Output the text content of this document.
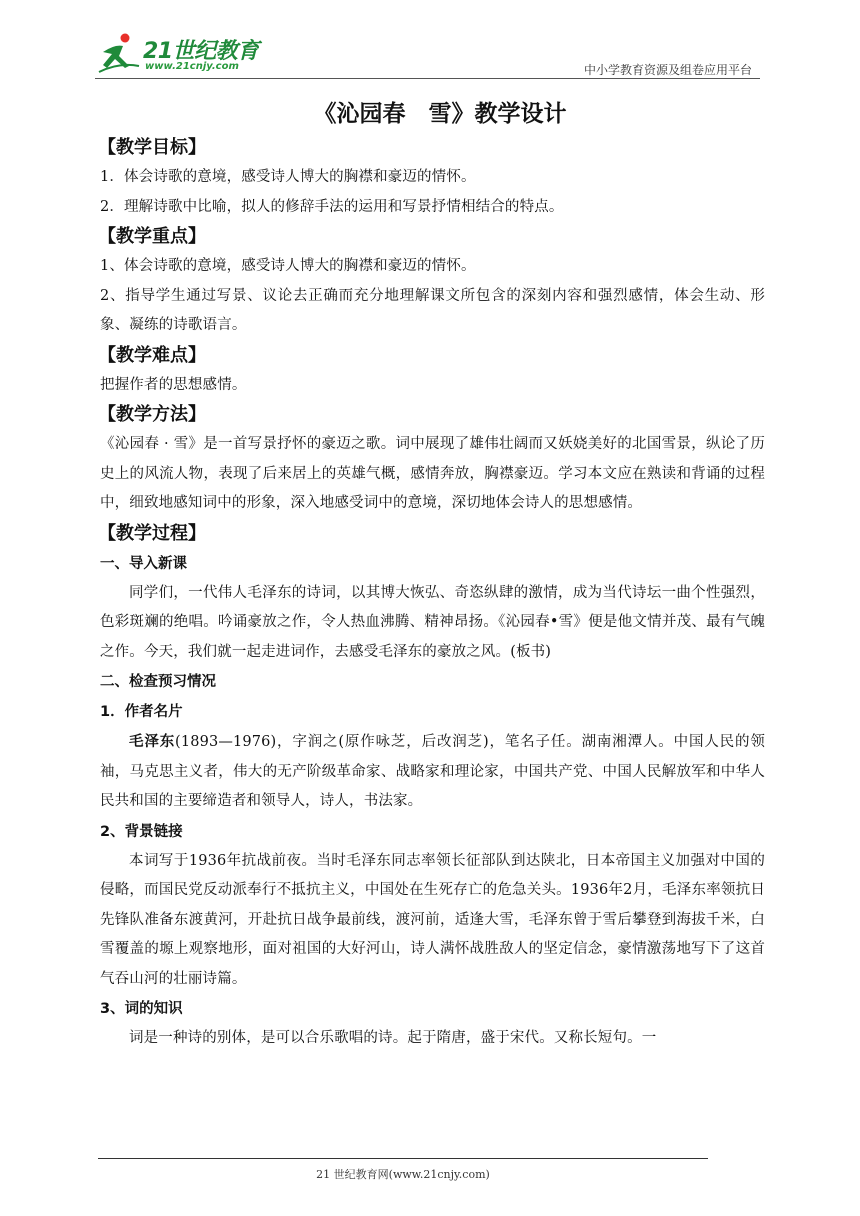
21世纪教育
www.21cnjy.com	中小学教育资源及组卷应用平台
《沁园春　雪》教学设计
【教学目标】
1．体会诗歌的意境，感受诗人博大的胸襟和豪迈的情怀。
2．理解诗歌中比喻，拟人的修辞手法的运用和写景抒情相结合的特点。
【教学重点】
1、体会诗歌的意境，感受诗人博大的胸襟和豪迈的情怀。
2、指导学生通过写景、议论去正确而充分地理解课文所包含的深刻内容和强烈感情，体会生动、形象、凝练的诗歌语言。
【教学难点】
把握作者的思想感情。
【教学方法】
《沁园春 · 雪》是一首写景抒怀的豪迈之歌。词中展现了雄伟壮阔而又妖娆美好的北国雪景，纵论了历史上的风流人物，表现了后来居上的英雄气概，感情奔放，胸襟豪迈。学习本文应在熟读和背诵的过程中，细致地感知词中的形象，深入地感受词中的意境，深切地体会诗人的思想感情。
【教学过程】
一、导入新课
同学们，一代伟人毛泽东的诗词，以其博大恢弘、奇恣纵肆的激情，成为当代诗坛一曲个性强烈，色彩斑斓的绝唱。吟诵豪放之作，令人热血沸腾、精神昂扬。《沁园春•雪》便是他文情并茂、最有气魄之作。今天，我们就一起走进词作，去感受毛泽东的豪放之风。(板书)
二、检查预习情况
1．作者名片
毛泽东(1893—1976)，字润之(原作咏芝，后改润芝)，笔名子任。湖南湘潭人。中国人民的领袖，马克思主义者，伟大的无产阶级革命家、战略家和理论家，中国共产党、中国人民解放军和中华人民共和国的主要缔造者和领导人，诗人，书法家。
2、背景链接
本词写于1936年抗战前夜。当时毛泽东同志率领长征部队到达陕北，日本帝国主义加强对中国的侵略，而国民党反动派奉行不抵抗主义，中国处在生死存亡的危急关头。1936年2月，毛泽东率领抗日先锋队准备东渡黄河，开赴抗日战争最前线，渡河前，适逢大雪，毛泽东曾于雪后攀登到海拔千米，白雪覆盖的塬上观察地形，面对祖国的大好河山，诗人满怀战胜敌人的坚定信念，豪情激荡地写下了这首气吞山河的壮丽诗篇。
3、词的知识
词是一种诗的别体，是可以合乐歌唱的诗。起于隋唐，盛于宋代。又称长短句。一
21 世纪教育网(www.21cnjy.com)
